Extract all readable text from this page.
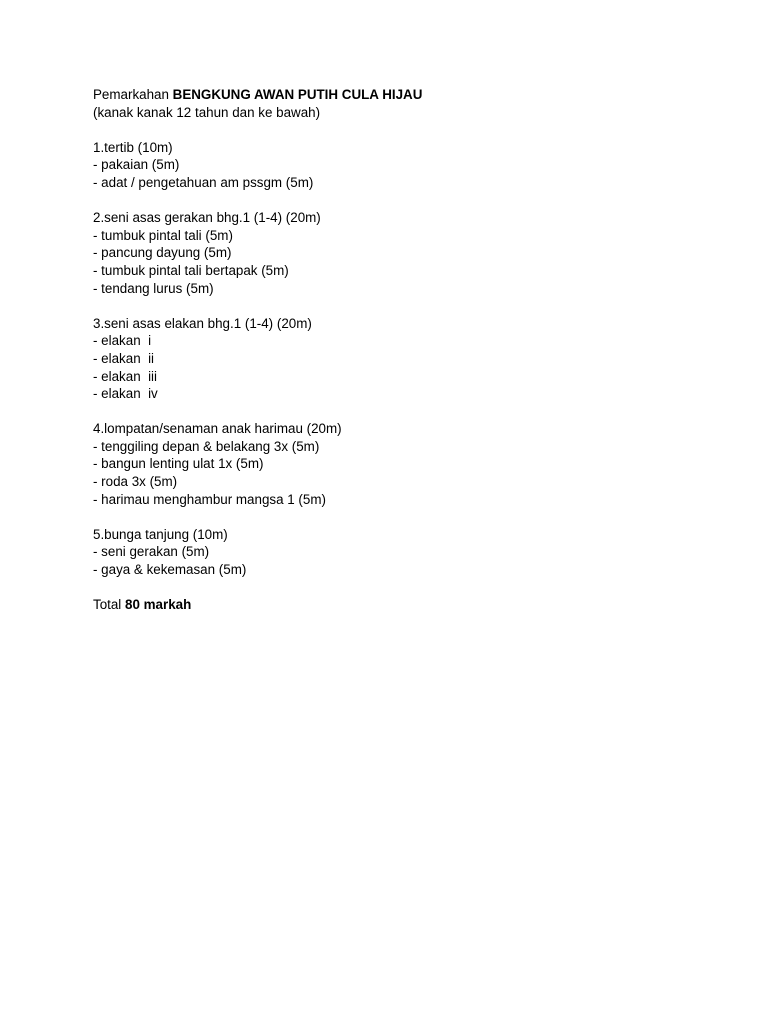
Pemarkahan BENGKUNG AWAN PUTIH CULA HIJAU
(kanak kanak 12 tahun dan ke bawah)
1.tertib (10m)
- pakaian (5m)
- adat / pengetahuan am pssgm (5m)
2.seni asas gerakan bhg.1 (1-4) (20m)
- tumbuk pintal tali (5m)
- pancung dayung (5m)
- tumbuk pintal tali bertapak (5m)
- tendang lurus (5m)
3.seni asas elakan bhg.1 (1-4) (20m)
- elakan  i
- elakan  ii
- elakan  iii
- elakan  iv
4.lompatan/senaman anak harimau (20m)
- tenggiling depan & belakang 3x (5m)
- bangun lenting ulat 1x (5m)
- roda 3x (5m)
- harimau menghambur mangsa 1 (5m)
5.bunga tanjung (10m)
- seni gerakan (5m)
- gaya & kekemasan (5m)
Total 80 markah
